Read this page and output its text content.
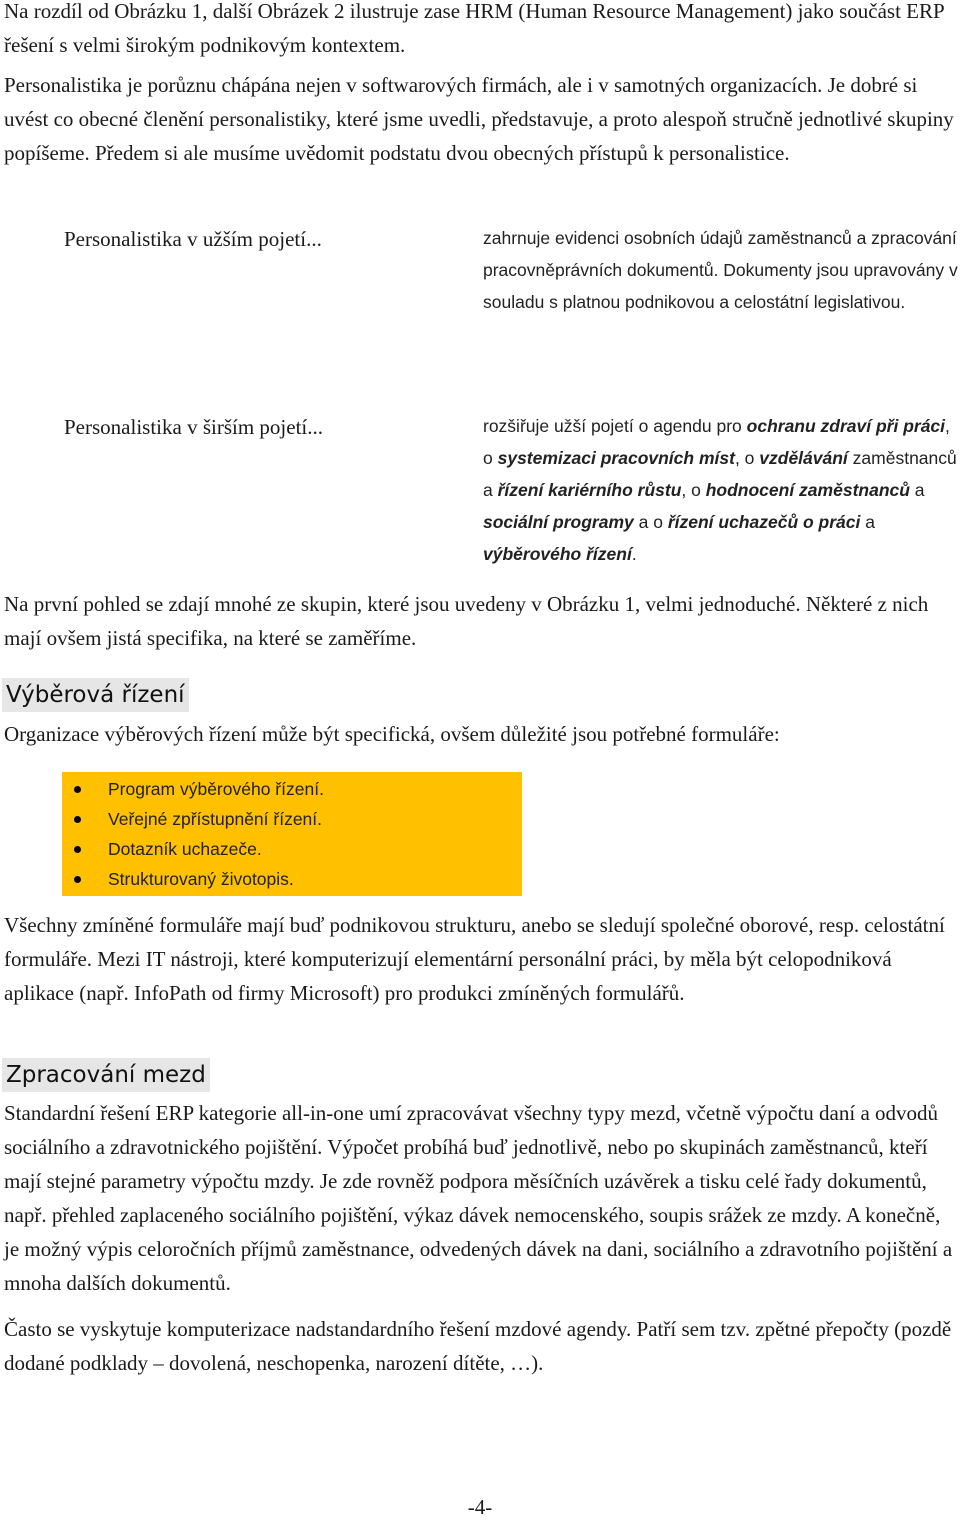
Na rozdíl od Obrázku 1, další Obrázek 2 ilustruje zase HRM (Human Resource Management) jako součást ERP řešení s velmi širokým podnikovým kontextem.

Personalistika je porůznu chápána nejen v softwarových firmách, ale i v samotných organizacích. Je dobré si uvést co obecné členění personalistiky, které jsme uvedli, představuje, a proto alespoň stručně jednotlivé skupiny popíšeme. Předem si ale musíme uvědomit podstatu dvou obecných přístupů k personalistice.

Personalistika v užším pojetí...	zahrnuje evidenci osobních údajů zaměstnanců a zpracování pracovněprávních dokumentů. Dokumenty jsou upravovány v souladu s platnou podnikovou a celostátní legislativou.
Personalistika v širším pojetí...	rozšiřuje užší pojetí o agendu pro ochranu zdraví při práci, o systemizaci pracovních míst, o vzdělávání zaměstnanců a řízení kariérního růstu, o hodnocení zaměstnanců a sociální programy a o řízení uchazečů o práci a výběrového řízení.
Na první pohled se zdají mnohé ze skupin, které jsou uvedeny v Obrázku 1, velmi jednoduché. Některé z nich mají ovšem jistá specifika, na které se zaměříme.
Výběrová řízení
Organizace výběrových řízení může být specifická, ovšem důležité jsou potřebné formuláře:
Program výběrového řízení.
Veřejné zpřístupnění řízení.
Dotazník uchazeče.
Strukturovaný životopis.
Všechny zmíněné formuláře mají buď podnikovou strukturu, anebo se sledují společné oborové, resp. celostátní formuláře. Mezi IT nástroji, které komputerizují elementární personální práci, by měla být celopodniková aplikace (např. InfoPath od firmy Microsoft) pro produkci zmíněných formulářů.
Zpracování mezd

Standardní řešení ERP kategorie all-in-one umí zpracovávat všechny typy mezd, včetně výpočtu daní a odvodů sociálního a zdravotnického pojištění. Výpočet probíhá buď jednotlivě, nebo po skupinách zaměstnanců, kteří mají stejné parametry výpočtu mzdy. Je zde rovněž podpora měsíčních uzávěrek a tisku celé řady dokumentů, např. přehled zaplaceného sociálního pojištění, výkaz dávek nemocenského, soupis srážek ze mzdy. A konečně, je možný výpis celoročních příjmů zaměstnance, odvedených dávek na dani, sociálního a zdravotního pojištění a mnoha dalších dokumentů.

Často se vyskytuje komputerizace nadstandardního řešení mzdové agendy. Patří sem tzv. zpětné přepočty (pozdě dodané podklady – dovolená, neschopenka, narození dítěte, …).

-4-
